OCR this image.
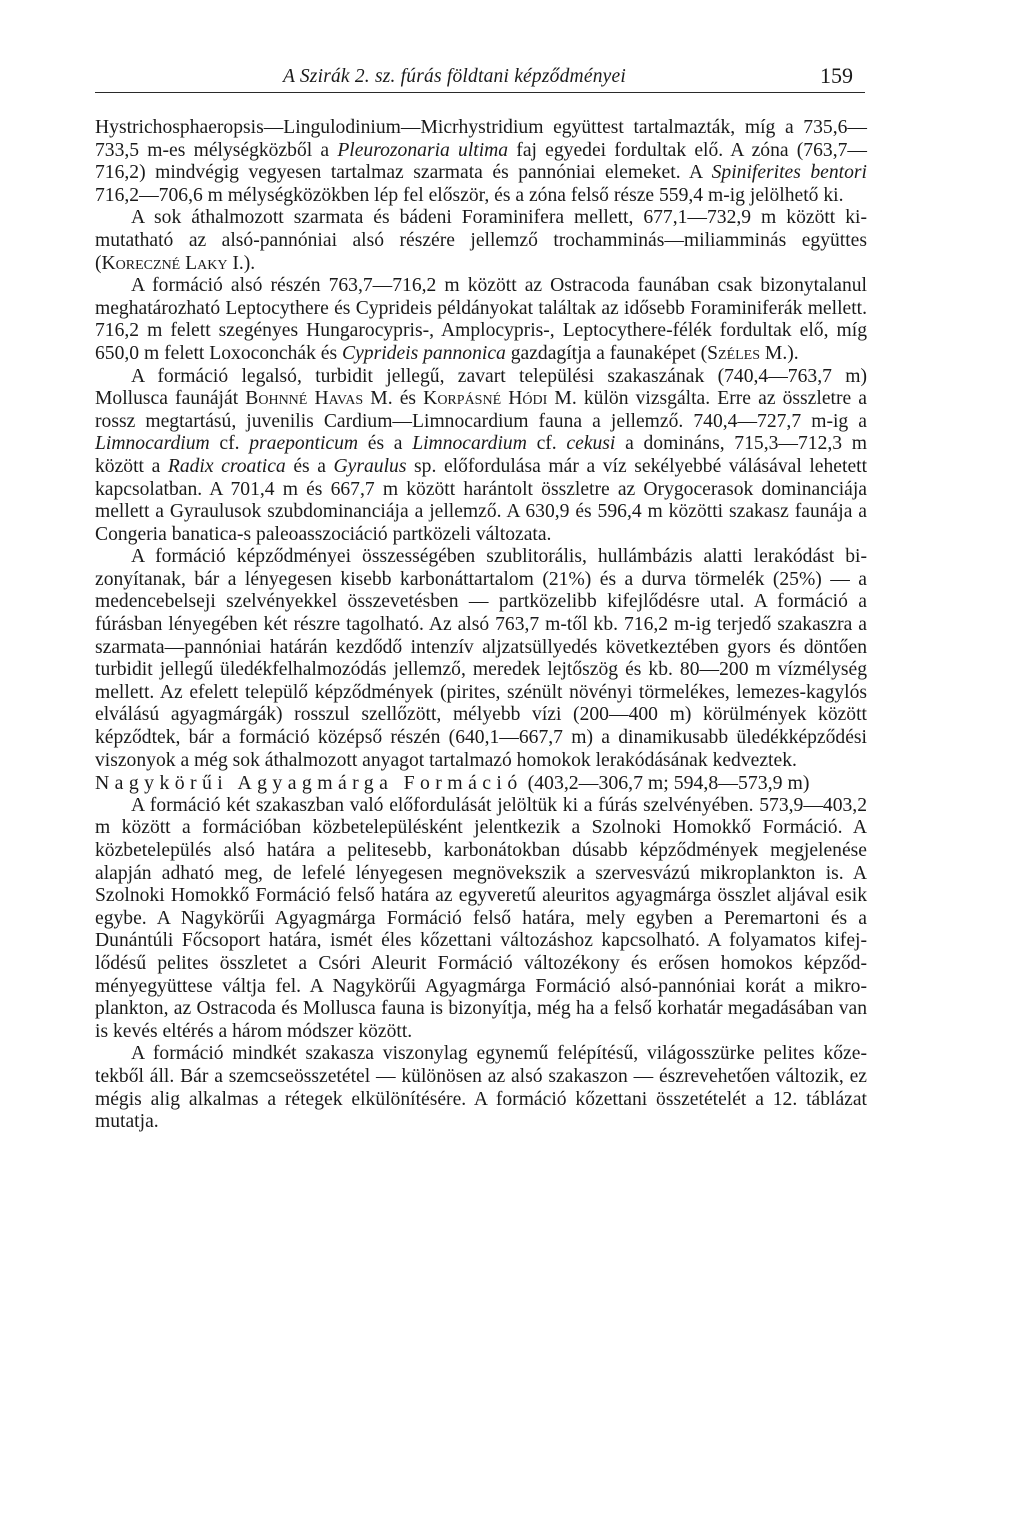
A Szirák 2. sz. fúrás földtani képződményei	159

Hystrichosphaeropsis—Lingulodinium—Micrhystridium együttest tartalmazták, míg a 735,6—733,5 m-es mélységközből a Pleurozonaria ultima faj egyedei fordultak elő. A zóna (763,7—716,2) mindvégig vegyesen tartalmaz szarmata és pannóniai elemeket. A Spiniferites bentori 716,2—706,6 m mélységközökben lép fel először, és a zóna felső része 559,4 m-ig jelölhető ki.

A sok áthalmozott szarmata és bádeni Foraminifera mellett, 677,1—732,9 m között kimutatható az alsó-pannóniai alsó részére jellemző trochamminás—miliamminás együttes (Koreczné Laky I.).

A formáció alsó részén 763,7—716,2 m között az Ostracoda faunában csak bizonytalanul meghatározható Leptocythere és Cyprideis példányokat találtak az idősebb Foraminiferák mellett. 716,2 m felett szegényes Hungarocypris-, Amplocypris-, Leptocythere-félék fordultak elő, míg 650,0 m felett Loxoconchák és Cyprideis pannonica gazdagítja a faunaképet (Széles M.).

A formáció legalsó, turbidit jellegű, zavart települési szakaszának (740,4—763,7 m) Mollusca faunáját Bohnné Havas M. és Korpásné Hódi M. külön vizsgálta. Erre az összletre a rossz megtartású, juvenilis Cardium—Limnocardium fauna a jellemző. 740,4—727,7 m-ig a Limnocardium cf. praeponticum és a Limnocardium cf. cekusi a domináns, 715,3—712,3 m között a Radix croatica és a Gyraulus sp. előfordulása már a víz sekélyebbé válásával lehetett kapcsolatban. A 701,4 m és 667,7 m között harántolt összletre az Orygocerasok dominanciája mellett a Gyraulusok szubdominanciája a jellemző. A 630,9 és 596,4 m közötti szakasz faunája a Congeria banatica-s paleoasszociáció partközeli változata.

A formáció képződményei összességében szublitorális, hullámbázis alatti lerakódást bizonyítanak, bár a lényegesen kisebb karbonáttartalom (21%) és a durva törmelék (25%) — a medencebelseji szelvényekkel összevetésben — partközelibb kifejlődésre utal. A formáció a fúrásban lényegében két részre tagolható. Az alsó 763,7 m-től kb. 716,2 m-ig terjedő szakaszra a szarmata—pannóniai határán kezdődő intenzív aljzatsüllyedés következtében gyors és döntően turbidit jellegű üledékfelhalmozódás jellemző, meredek lejtőszög és kb. 80—200 m vízmélység mellett. Az efelett települő képződmények (pirites, szénült növényi törmelékes, lemezes-kagylós elválású agyagmárgák) rosszul szellőzött, mélyebb vízi (200—400 m) körülmények között képződtek, bár a formáció középső részén (640,1—667,7 m) a dinamikusabb üledékképződési viszonyok a még sok áthalmozott anyagot tartalmazó homokok lerakódásának kedveztek.

Nagykörűi Agyagmárga Formáció (403,2—306,7 m; 594,8—573,9 m)

A formáció két szakaszban való előfordulását jelöltük ki a fúrás szelvényében. 573,9—403,2 m között a formációban közbetelepülésként jelentkezik a Szolnoki Homokkő Formáció. A közbetelepülés alsó határa a pelitesebb, karbonátokban dúsabb képződmények megjelenése alapján adható meg, de lefelé lényegesen megnövekszik a szervesvázú mikroplankton is. A Szolnoki Homokkő Formáció felső határa az egyveretű aleuritos agyagmárga összlet aljával esik egybe. A Nagykörűi Agyagmárga Formáció felső határa, mely egyben a Peremartoni és a Dunántúli Főcsoport határa, ismét éles kőzettani változáshoz kapcsolható. A folyamatos kifejlődésű pelites összletet a Csóri Aleurit Formáció változékony és erősen homokos képződményegyüttese váltja fel. A Nagykörűi Agyagmárga Formáció alsó-pannóniai korát a mikroplankton, az Ostracoda és Mollusca fauna is bizonyítja, még ha a felső korhatár megadásában van is kevés eltérés a három módszer között.

A formáció mindkét szakasza viszonylag egynemű felépítésű, világosszürke pelites kőzetekből áll. Bár a szemcseösszetétel — különösen az alsó szakaszon — észrevehetően változik, ez mégis alig alkalmas a rétegek elkülönítésére. A formáció kőzettani összetételét a 12. táblázat mutatja.
